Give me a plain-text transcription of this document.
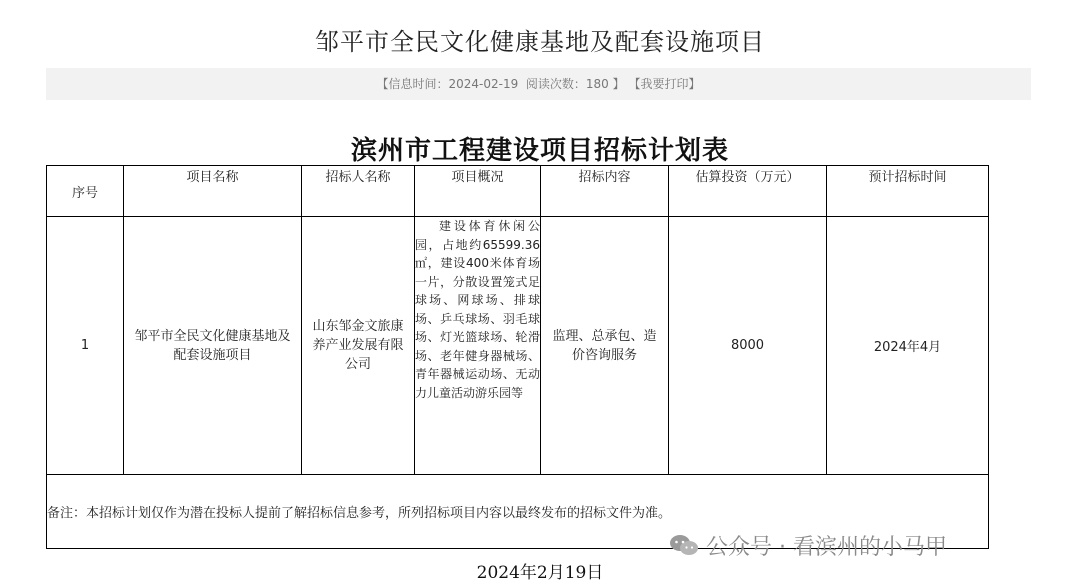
邹平市全民文化健康基地及配套设施项目
【信息时间：2024-02-19 阅读次数：180 】 【我要打印】
滨州市工程建设项目招标计划表
序号	项目名称	招标人名称	项目概况	招标内容	估算投资（万元）	预计招标时间
1	邹平市全民文化健康基地及配套设施项目	山东邹金文旅康养产业发展有限公司	建设体育休闲公园，占地约65599.36㎡，建设400米体育场一片，分散设置笼式足球场、网球场、排球场、乒乓球场、羽毛球场、灯光篮球场、轮滑场、老年健身器械场、青年器械运动场、无动力儿童活动游乐园等	监理、总承包、造价咨询服务	8000	2024年4月
备注：本招标计划仅作为潜在投标人提前了解招标信息参考，所列招标项目内容以最终发布的招标文件为准。						
公众号 · 看滨州的小马甲
2024年2月19日
